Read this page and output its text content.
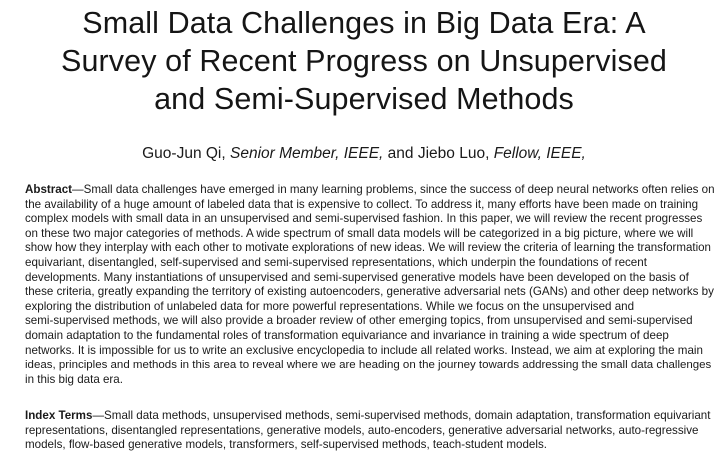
Small Data Challenges in Big Data Era: A
Survey of Recent Progress on Unsupervised
and Semi-Supervised Methods
Guo-Jun Qi, Senior Member, IEEE, and Jiebo Luo, Fellow, IEEE,
Abstract—Small data challenges have emerged in many learning problems, since the success of deep neural networks often relies on
the availability of a huge amount of labeled data that is expensive to collect. To address it, many efforts have been made on training
complex models with small data in an unsupervised and semi-supervised fashion. In this paper, we will review the recent progresses
on these two major categories of methods. A wide spectrum of small data models will be categorized in a big picture, where we will
show how they interplay with each other to motivate explorations of new ideas. We will review the criteria of learning the transformation
equivariant, disentangled, self-supervised and semi-supervised representations, which underpin the foundations of recent
developments. Many instantiations of unsupervised and semi-supervised generative models have been developed on the basis of
these criteria, greatly expanding the territory of existing autoencoders, generative adversarial nets (GANs) and other deep networks by
exploring the distribution of unlabeled data for more powerful representations. While we focus on the unsupervised and
semi-supervised methods, we will also provide a broader review of other emerging topics, from unsupervised and semi-supervised
domain adaptation to the fundamental roles of transformation equivariance and invariance in training a wide spectrum of deep
networks. It is impossible for us to write an exclusive encyclopedia to include all related works. Instead, we aim at exploring the main
ideas, principles and methods in this area to reveal where we are heading on the journey towards addressing the small data challenges
in this big data era.
Index Terms—Small data methods, unsupervised methods, semi-supervised methods, domain adaptation, transformation equivariant
representations, disentangled representations, generative models, auto-encoders, generative adversarial networks, auto-regressive
models, flow-based generative models, transformers, self-supervised methods, teach-student models.
